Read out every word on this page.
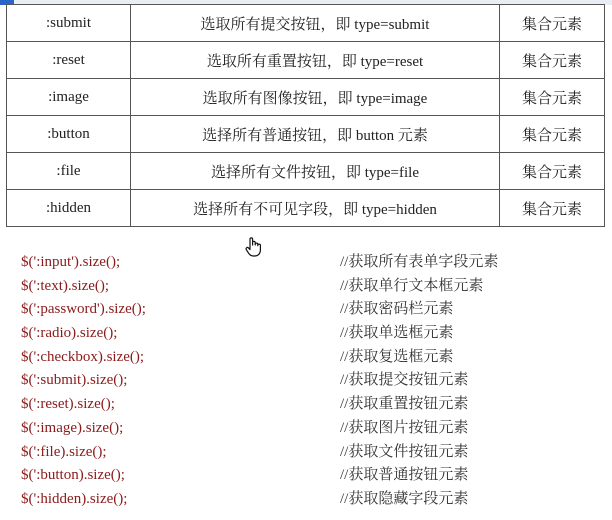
:submit	选取所有提交按钮，即 type=submit	集合元素
:reset	选取所有重置按钮，即 type=reset	集合元素
:image	选取所有图像按钮，即 type=image	集合元素
:button	选择所有普通按钮，即 button 元素	集合元素
:file	选择所有文件按钮，即 type=file	集合元素
:hidden	选择所有不可见字段，即 type=hidden	集合元素
$(':input').size();	//获取所有表单字段元素
$(':text).size();	//获取单行文本框元素
$(':password').size();	//获取密码栏元素
$(':radio).size();	//获取单选框元素
$(':checkbox).size();	//获取复选框元素
$(':submit).size();	//获取提交按钮元素
$(':reset).size();	//获取重置按钮元素
$(':image).size();	//获取图片按钮元素
$(':file).size();	//获取文件按钮元素
$(':button).size();	//获取普通按钮元素
$(':hidden).size();	//获取隐藏字段元素
